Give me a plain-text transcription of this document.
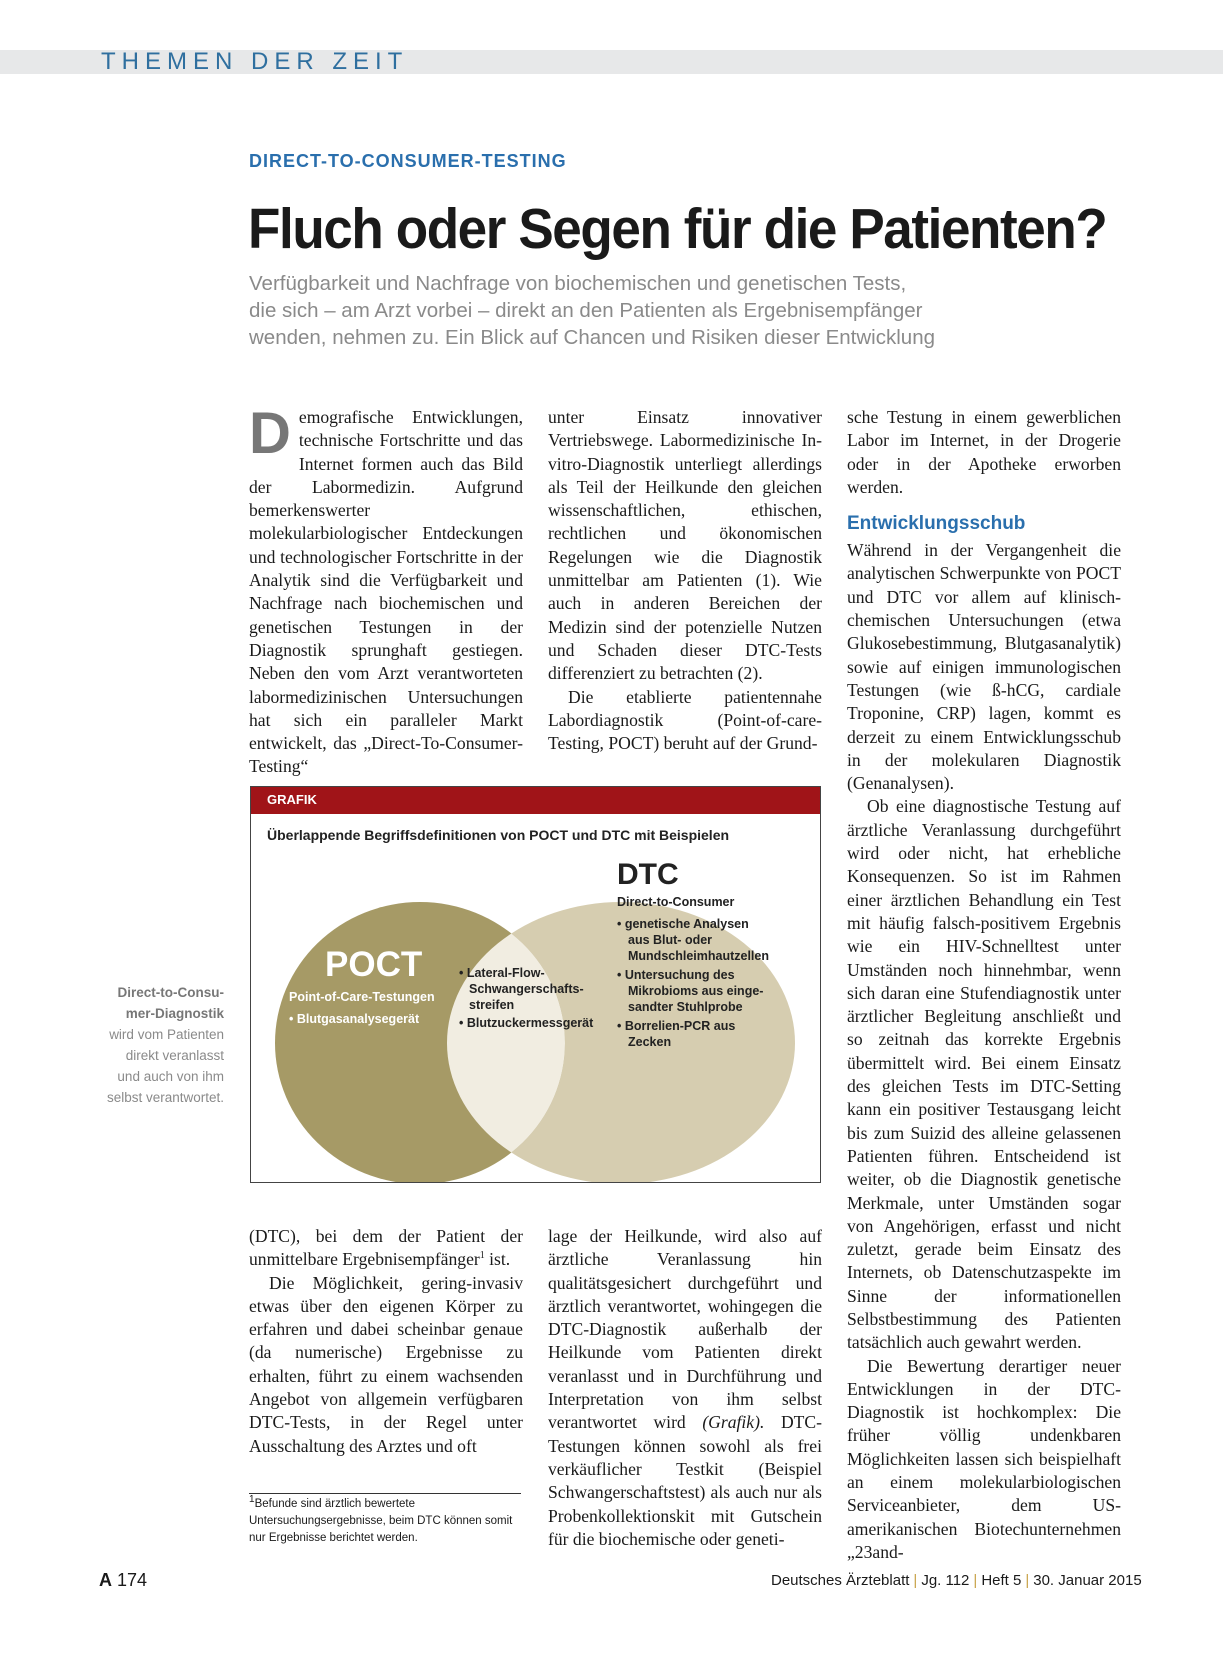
THEMEN DER ZEIT
DIRECT-TO-CONSUMER-TESTING
Fluch oder Segen für die Patienten?
Verfügbarkeit und Nachfrage von biochemischen und genetischen Tests,
die sich – am Arzt vorbei – direkt an den Patienten als Ergebnisempfänger
wenden, nehmen zu. Ein Blick auf Chancen und Risiken dieser Entwicklung

Demografische Entwicklungen, technische Fortschritte und das Internet formen auch das Bild der Labormedizin. Aufgrund bemerkenswerter molekularbiologischer Entdeckungen und technologischer Fortschritte in der Analytik sind die Verfügbarkeit und Nachfrage nach biochemischen und genetischen Testungen in der Diagnostik sprunghaft gestiegen. Neben den vom Arzt verantworteten labormedizinischen Untersuchungen hat sich ein paralleler Markt entwickelt, das „Direct-To-Consumer-Testing“

unter Einsatz innovativer Vertriebswege. Labormedizinische In-vitro-Diagnostik unterliegt allerdings als Teil der Heilkunde den gleichen wissenschaftlichen, ethischen, rechtlichen und ökonomischen Regelungen wie die Diagnostik unmittelbar am Patienten (1). Wie auch in anderen Bereichen der Medizin sind der potenzielle Nutzen und Schaden dieser DTC-Tests differenziert zu betrachten (2).

Die etablierte patientennahe Labordiagnostik (Point-of-care-Testing, POCT) beruht auf der Grund-

sche Testung in einem gewerblichen Labor im Internet, in der Drogerie oder in der Apotheke erworben werden.

Entwicklungsschub

Während in der Vergangenheit die analytischen Schwerpunkte von POCT und DTC vor allem auf klinisch-chemischen Untersuchungen (etwa Glukosebestimmung, Blutgasanalytik) sowie auf einigen immunologischen Testungen (wie ß-hCG, cardiale Troponine, CRP) lagen, kommt es derzeit zu einem Entwicklungsschub in der molekularen Diagnostik (Genanalysen).

Ob eine diagnostische Testung auf ärztliche Veranlassung durchgeführt wird oder nicht, hat erhebliche Konsequenzen. So ist im Rahmen einer ärztlichen Behandlung ein Test mit häufig falsch-positivem Ergebnis wie ein HIV-Schnelltest unter Umständen noch hinnehmbar, wenn sich daran eine Stufendiagnostik unter ärztlicher Begleitung anschließt und so zeitnah das korrekte Ergebnis übermittelt wird. Bei einem Einsatz des gleichen Tests im DTC-Setting kann ein positiver Testausgang leicht bis zum Suizid des alleine gelassenen Patienten führen. Entscheidend ist weiter, ob die Diagnostik genetische Merkmale, unter Umständen sogar von Angehörigen, erfasst und nicht zuletzt, gerade beim Einsatz des Internets, ob Datenschutzaspekte im Sinne der informationellen Selbstbestimmung des Patienten tatsächlich auch gewahrt werden.

Die Bewertung derartiger neuer Entwicklungen in der DTC-Diagnostik ist hochkomplex: Die früher völlig undenkbaren Möglichkeiten lassen sich beispielhaft an einem molekularbiologischen Serviceanbieter, dem US-amerikanischen Biotechunternehmen „23and-

Direct-to-Consu-
mer-Diagnostik
wird vom Patienten
direkt veranlasst
und auch von ihm
selbst verantwortet.
GRAFIK
Überlappende Begriffsdefinitionen von POCT und DTC mit Beispielen
POCT
Point-of-Care-Testungen
• Blutgasanalysegerät
• Lateral-Flow-
Schwangerschafts-
streifen
• Blutzuckermessgerät
DTC
Direct-to-Consumer
• genetische Analysen
aus Blut- oder
Mundschleimhautzellen
• Untersuchung des
Mikrobioms aus einge-
sandter Stuhlprobe
• Borrelien-PCR aus
Zecken

(DTC), bei dem der Patient der unmittelbare Ergebnisempfänger$^1$ ist.

Die Möglichkeit, gering-invasiv etwas über den eigenen Körper zu erfahren und dabei scheinbar genaue (da numerische) Ergebnisse zu erhalten, führt zu einem wachsenden Angebot von allgemein verfügbaren DTC-Tests, in der Regel unter Ausschaltung des Arztes und oft

lage der Heilkunde, wird also auf ärztliche Veranlassung hin qualitätsgesichert durchgeführt und ärztlich verantwortet, wohingegen die DTC-Diagnostik außerhalb der Heilkunde vom Patienten direkt veranlasst und in Durchführung und Interpretation von ihm selbst verantwortet wird (Grafik). DTC-Testungen können sowohl als frei verkäuflicher Testkit (Beispiel Schwangerschaftstest) als auch nur als Probenkollektionskit mit Gutschein für die biochemische oder geneti-

1Befunde sind ärztlich bewertete Untersuchungsergebnisse, beim DTC können somit nur Ergebnisse berichtet werden.
A 174	Deutsches Ärzteblatt | Jg. 112 | Heft 5 | 30. Januar 2015
